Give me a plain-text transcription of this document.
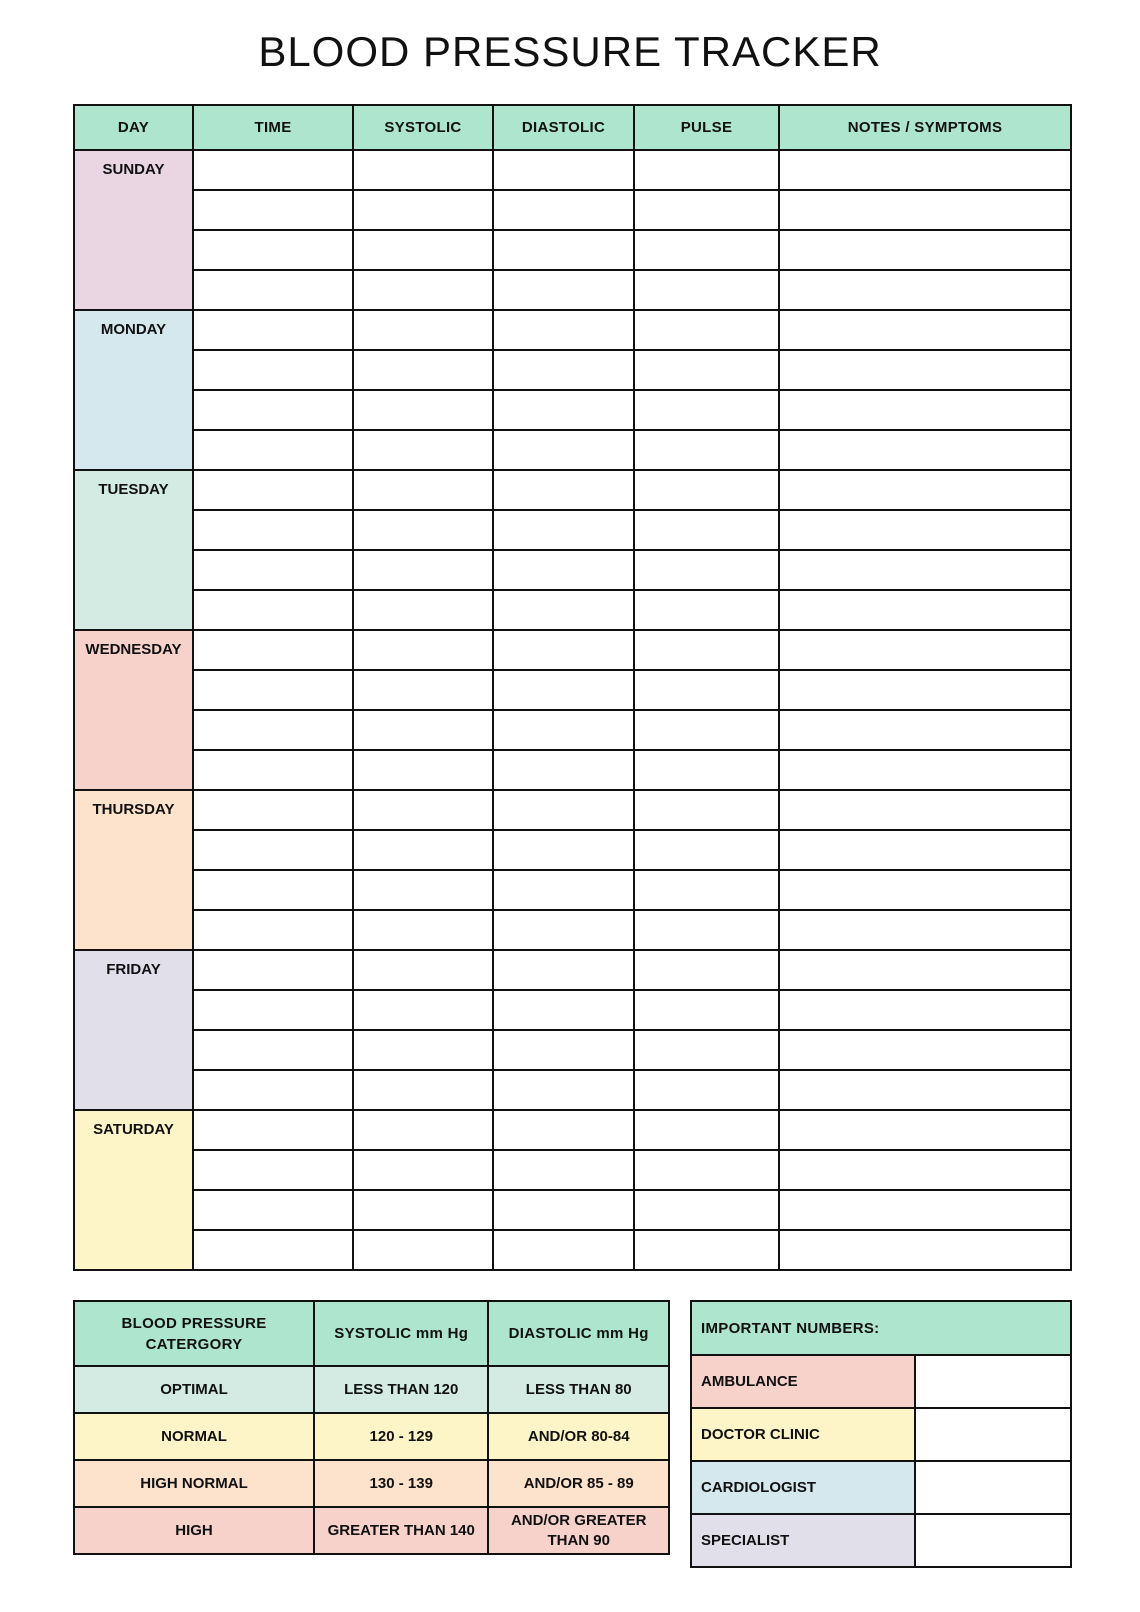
BLOOD PRESSURE TRACKER
DAY	TIME	SYSTOLIC	DIASTOLIC	PULSE	NOTES / SYMPTOMS
SUNDAY					

MONDAY					

TUESDAY					

WEDNESDAY					

THURSDAY					

FRIDAY					

SATURDAY					

BLOOD PRESSURE CATERGORY	SYSTOLIC mm Hg	DIASTOLIC mm Hg
OPTIMAL	LESS THAN 120	LESS THAN 80
NORMAL	120 - 129	AND/OR 80-84
HIGH NORMAL	130 - 139	AND/OR 85 - 89
HIGH	GREATER THAN 140	AND/OR GREATER THAN 90
IMPORTANT NUMBERS:	
AMBULANCE	
DOCTOR CLINIC	
CARDIOLOGIST	
SPECIALIST	
